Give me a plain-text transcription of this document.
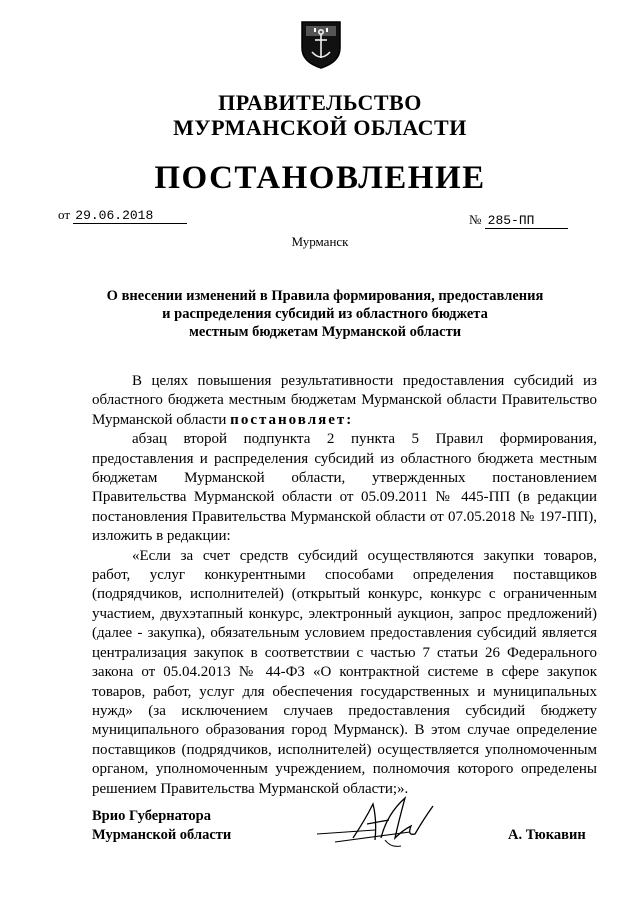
ПРАВИТЕЛЬСТВО
МУРМАНСКОЙ ОБЛАСТИ
ПОСТАНОВЛЕНИЕ
от 29.06.2018	№ 285-ПП
Мурманск
О внесении изменений в Правила формирования, предоставления
и распределения субсидий из областного бюджета
местным бюджетам Мурманской области

В целях повышения результативности предоставления субсидий из областного бюджета местным бюджетам Мурманской области Правительство Мурманской области постановляет:

абзац второй подпункта 2 пункта 5 Правил формирования, предоставления и распределения субсидий из областного бюджета местным бюджетам Мурманской области, утвержденных постановлением Правительства Мурманской области от 05.09.2011 № 445-ПП (в редакции постановления Правительства Мурманской области от 07.05.2018 № 197-ПП), изложить в редакции:

«Если за счет средств субсидий осуществляются закупки товаров, работ, услуг конкурентными способами определения поставщиков (подрядчиков, исполнителей) (открытый конкурс, конкурс с ограниченным участием, двухэтапный конкурс, электронный аукцион, запрос предложений) (далее - закупка), обязательным условием предоставления субсидий является централизация закупок в соответствии с частью 7 статьи 26 Федерального закона от 05.04.2013 № 44-ФЗ «О контрактной системе в сфере закупок товаров, работ, услуг для обеспечения государственных и муниципальных нужд» (за исключением случаев предоставления субсидий бюджету муниципального образования город Мурманск). В этом случае определение поставщиков (подрядчиков, исполнителей) осуществляется уполномоченным органом, уполномоченным учреждением, полномочия которого определены решением Правительства Мурманской области;».

Врио Губернатора
Мурманской области	А. Тюкавин
